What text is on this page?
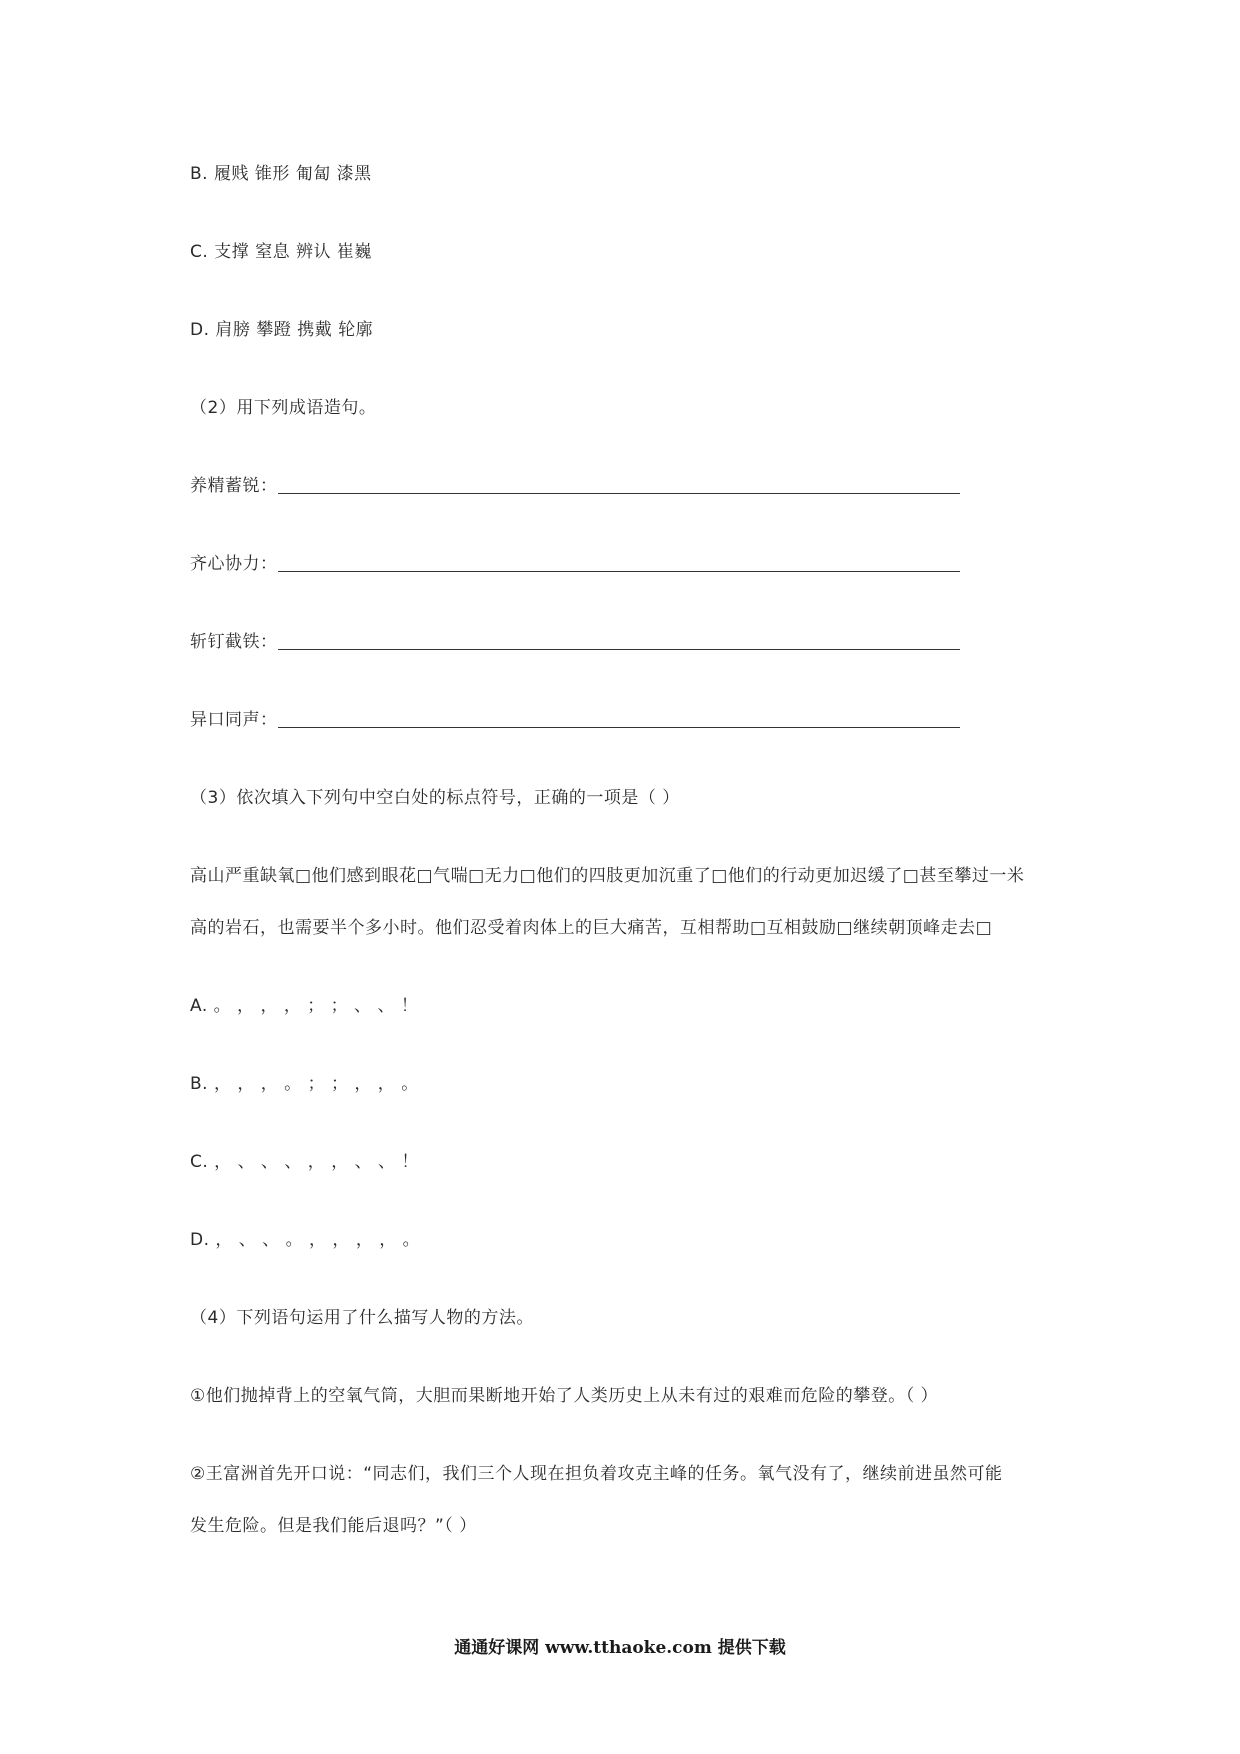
B. 履贱 锥形 匍匐 漆黑
C. 支撑 窒息 辨认 崔巍
D. 肩膀 攀蹬 携戴 轮廓
（2）用下列成语造句。
养精蓄锐：
齐心协力：
斩钉截铁：
异口同声：
（3）依次填入下列句中空白处的标点符号，正确的一项是（ ）
高山严重缺氧□他们感到眼花□气喘□无力□他们的四肢更加沉重了□他们的行动更加迟缓了□甚至攀过一米
高的岩石，也需要半个多小时。他们忍受着肉体上的巨大痛苦，互相帮助□互相鼓励□继续朝顶峰走去□
A. 。 ， ， ， ； ； 、 、 ！
B. ， ， ， 。 ； ； ， ， 。
C. ， 、 、 、 ， ， 、 、 ！
D. ， 、 、 。 ， ， ， ， 。
（4）下列语句运用了什么描写人物的方法。
①他们抛掉背上的空氧气筒，大胆而果断地开始了人类历史上从未有过的艰难而危险的攀登。（ ）
②王富洲首先开口说：“同志们，我们三个人现在担负着攻克主峰的任务。氧气没有了，继续前进虽然可能
发生危险。但是我们能后退吗？”（ ）
通通好课网 www.tthaoke.com 提供下载
